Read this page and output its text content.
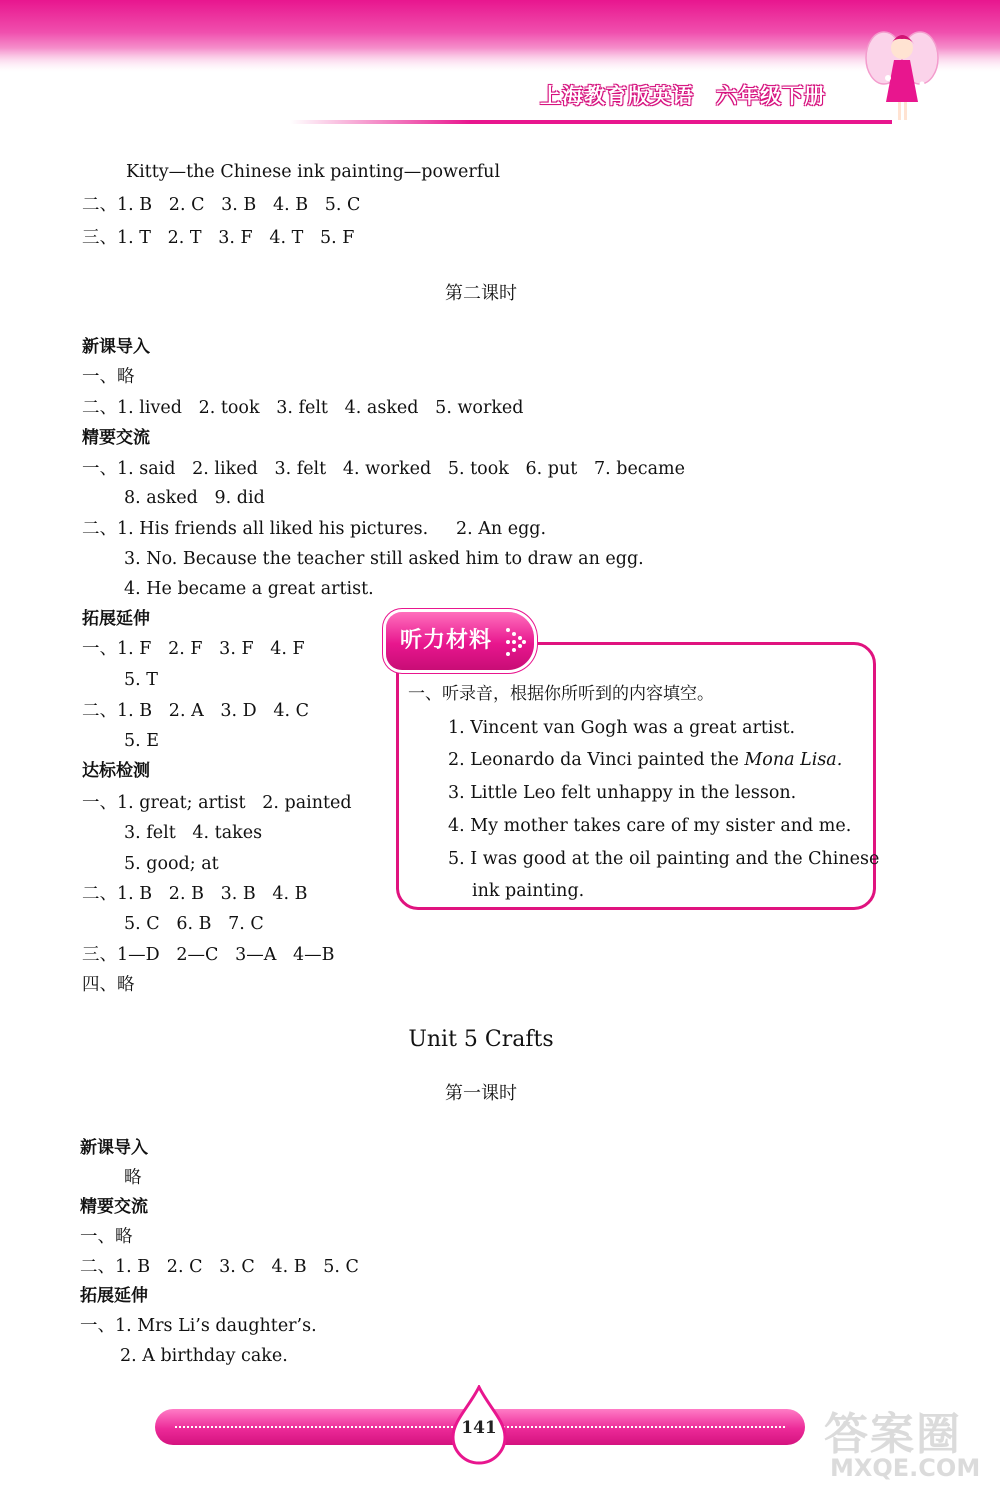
上海教育版英语 六年级下册
Kitty—the Chinese ink painting—powerful
二、1. B   2. C   3. B   4. B   5. C
三、1. T   2. T   3. F   4. T   5. F
第二课时
新课导入
一、略
二、1. lived   2. took   3. felt   4. asked   5. worked
精要交流
一、1. said   2. liked   3. felt   4. worked   5. took   6. put   7. became
8. asked   9. did
二、1. His friends all liked his pictures.     2. An egg.
3. No. Because the teacher still asked him to draw an egg.
4. He became a great artist.
拓展延伸
一、1. F   2. F   3. F   4. F
5. T
二、1. B   2. A   3. D   4. C
5. E
达标检测
一、1. great; artist   2. painted
3. felt   4. takes
5. good; at
二、1. B   2. B   3. B   4. B
5. C   6. B   7. C
三、1—D   2—C   3—A   4—B
四、略
听力材料
一、听录音，根据你所听到的内容填空。
1. Vincent van Gogh was a great artist.
2. Leonardo da Vinci painted the Mona Lisa.
3. Little Leo felt unhappy in the lesson.
4. My mother takes care of my sister and me.
5. I was good at the oil painting and the Chinese
ink painting.
Unit 5 Crafts
第一课时
新课导入
略
精要交流
一、略
二、1. B   2. C   3. C   4. B   5. C
拓展延伸
一、1. Mrs Li’s daughter’s.
2. A birthday cake.
141	答案圈
MXQE.COM
